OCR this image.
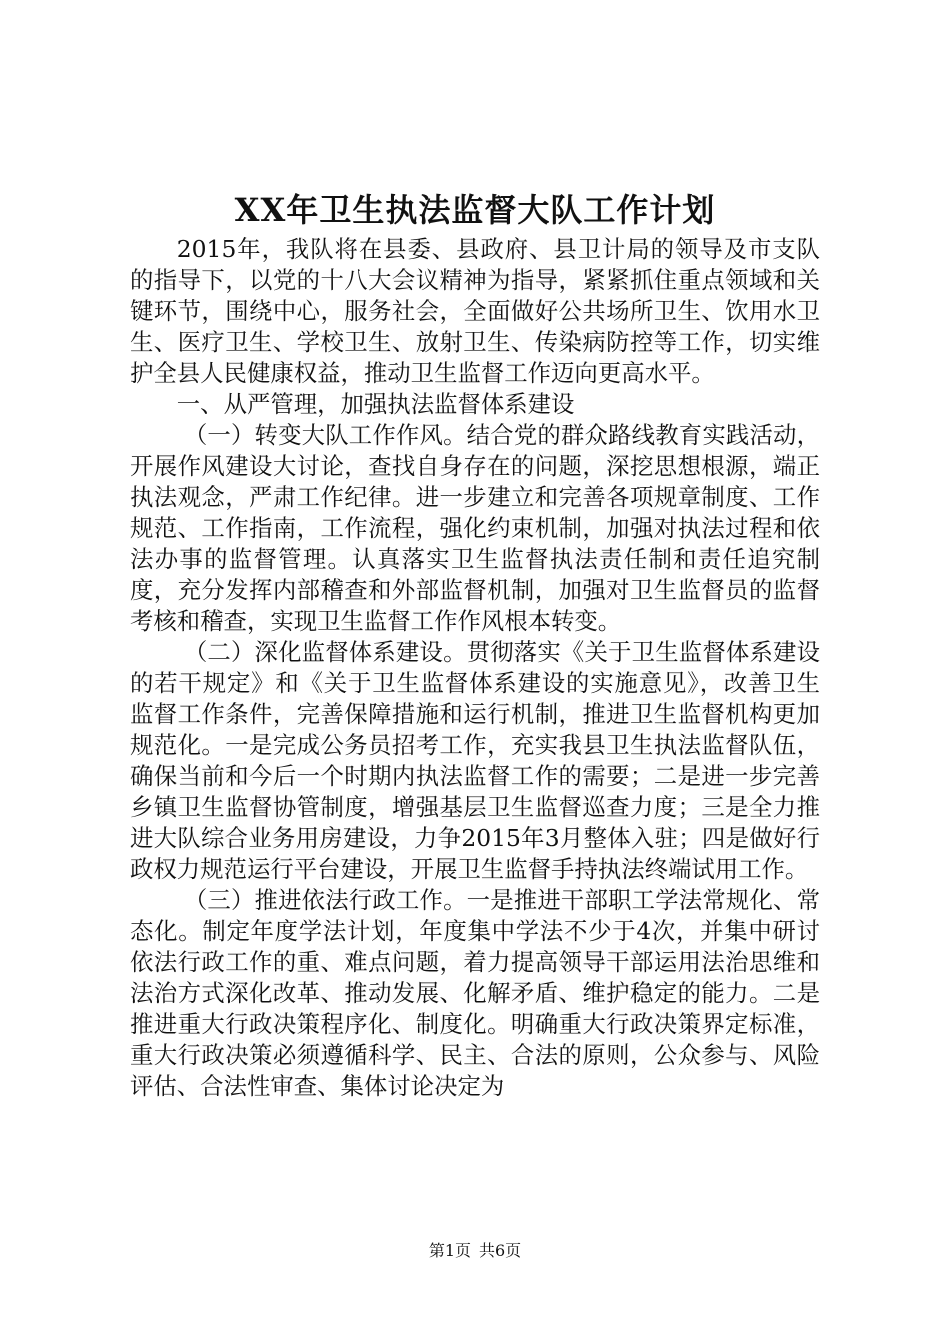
XX年卫生执法监督大队工作计划

2015年，我队将在县委、县政府、县卫计局的领导及市支队的指导下，以党的十八大会议精神为指导，紧紧抓住重点领域和关键环节，围绕中心，服务社会，全面做好公共场所卫生、饮用水卫生、医疗卫生、学校卫生、放射卫生、传染病防控等工作，切实维护全县人民健康权益，推动卫生监督工作迈向更高水平。

一、从严管理，加强执法监督体系建设

（一）转变大队工作作风。结合党的群众路线教育实践活动，开展作风建设大讨论，查找自身存在的问题，深挖思想根源，端正执法观念，严肃工作纪律。进一步建立和完善各项规章制度、工作规范、工作指南，工作流程，强化约束机制，加强对执法过程和依法办事的监督管理。认真落实卫生监督执法责任制和责任追究制度，充分发挥内部稽查和外部监督机制，加强对卫生监督员的监督考核和稽查，实现卫生监督工作作风根本转变。

（二）深化监督体系建设。贯彻落实《关于卫生监督体系建设的若干规定》和《关于卫生监督体系建设的实施意见》，改善卫生监督工作条件，完善保障措施和运行机制，推进卫生监督机构更加规范化。一是完成公务员招考工作，充实我县卫生执法监督队伍，确保当前和今后一个时期内执法监督工作的需要；二是进一步完善乡镇卫生监督协管制度，增强基层卫生监督巡查力度；三是全力推进大队综合业务用房建设，力争2015年3月整体入驻；四是做好行政权力规范运行平台建设，开展卫生监督手持执法终端试用工作。

（三）推进依法行政工作。一是推进干部职工学法常规化、常态化。制定年度学法计划，年度集中学法不少于4次，并集中研讨依法行政工作的重、难点问题，着力提高领导干部运用法治思维和法治方式深化改革、推动发展、化解矛盾、维护稳定的能力。二是推进重大行政决策程序化、制度化。明确重大行政决策界定标准，重大行政决策必须遵循科学、民主、合法的原则，公众参与、风险评估、合法性审查、集体讨论决定为

第1页 共6页
